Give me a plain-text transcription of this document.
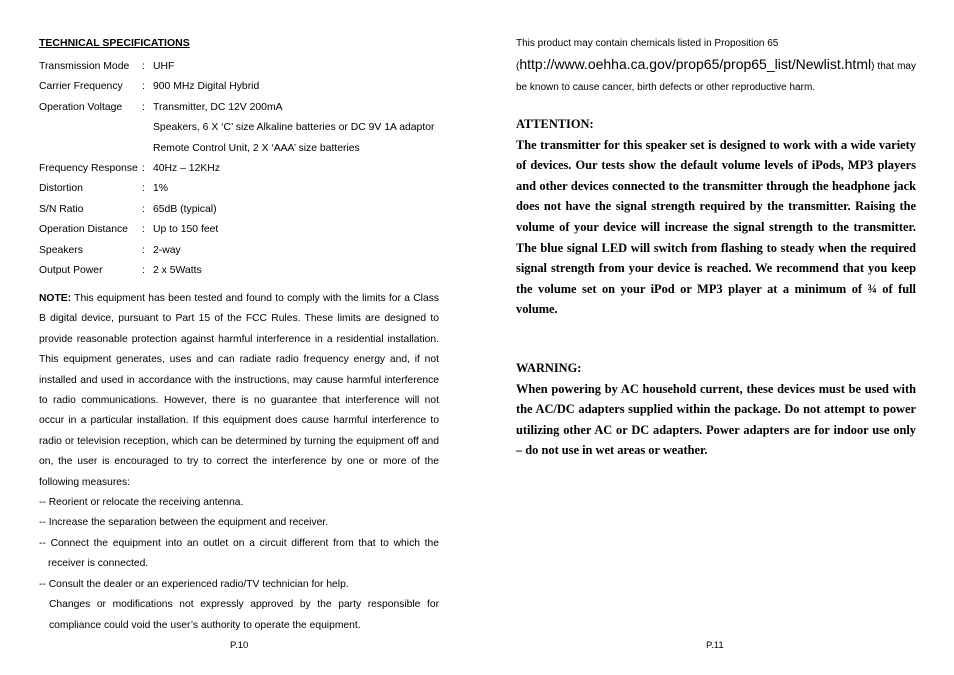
TECHNICAL SPECIFICATIONS
Transmission Mode : UHF
Carrier Frequency : 900 MHz Digital Hybrid
Operation Voltage : Transmitter, DC 12V 200mA
Speakers, 6 X ‘C’ size Alkaline batteries or DC 9V 1A adaptor
Remote Control Unit, 2 X ‘AAA’ size batteries
Frequency Response : 40Hz – 12KHz
Distortion	: 1%
S/N Ratio	: 65dB (typical)
Operation Distance : Up to 150 feet
Speakers	: 2-way
Output Power	: 2 x 5Watts

NOTE: This equipment has been tested and found to comply with the limits for a Class B digital device, pursuant to Part 15 of the FCC Rules. These limits are designed to provide reasonable protection against harmful interference in a residential installation. This equipment generates, uses and can radiate radio frequency energy and, if not installed and used in accordance with the instructions, may cause harmful interference to radio communications. However, there is no guarantee that interference will not occur in a particular installation. If this equipment does cause harmful interference to radio or television reception, which can be determined by turning the equipment off and on, the user is encouraged to try to correct the interference by one or more of the following measures:

-- Reorient or relocate the receiving antenna.

-- Increase the separation between the equipment and receiver.

-- Connect the equipment into an outlet on a circuit different from that to which the receiver is connected.

-- Consult the dealer or an experienced radio/TV technician for help.

Changes or modifications not expressly approved by the party responsible for compliance could void the user’s authority to operate the equipment.

P.10

This product may contain chemicals listed in Proposition 65

(http://www.oehha.ca.gov/prop65/prop65_list/Newlist.html) that may be known to cause cancer, birth defects or other reproductive harm.

ATTENTION:

The transmitter for this speaker set is designed to work with a wide variety of devices. Our tests show the default volume levels of iPods, MP3 players and other devices connected to the transmitter through the headphone jack does not have the signal strength required by the transmitter. Raising the volume of your device will increase the signal strength to the transmitter. The blue signal LED will switch from flashing to steady when the required signal strength from your device is reached. We recommend that you keep the volume set on your iPod or MP3 player at a minimum of ¾ of full volume.

WARNING:

When powering by AC household current, these devices must be used with the AC/DC adapters supplied within the package. Do not attempt to power utilizing other AC or DC adapters. Power adapters are for indoor use only – do not use in wet areas or weather.

P.11
